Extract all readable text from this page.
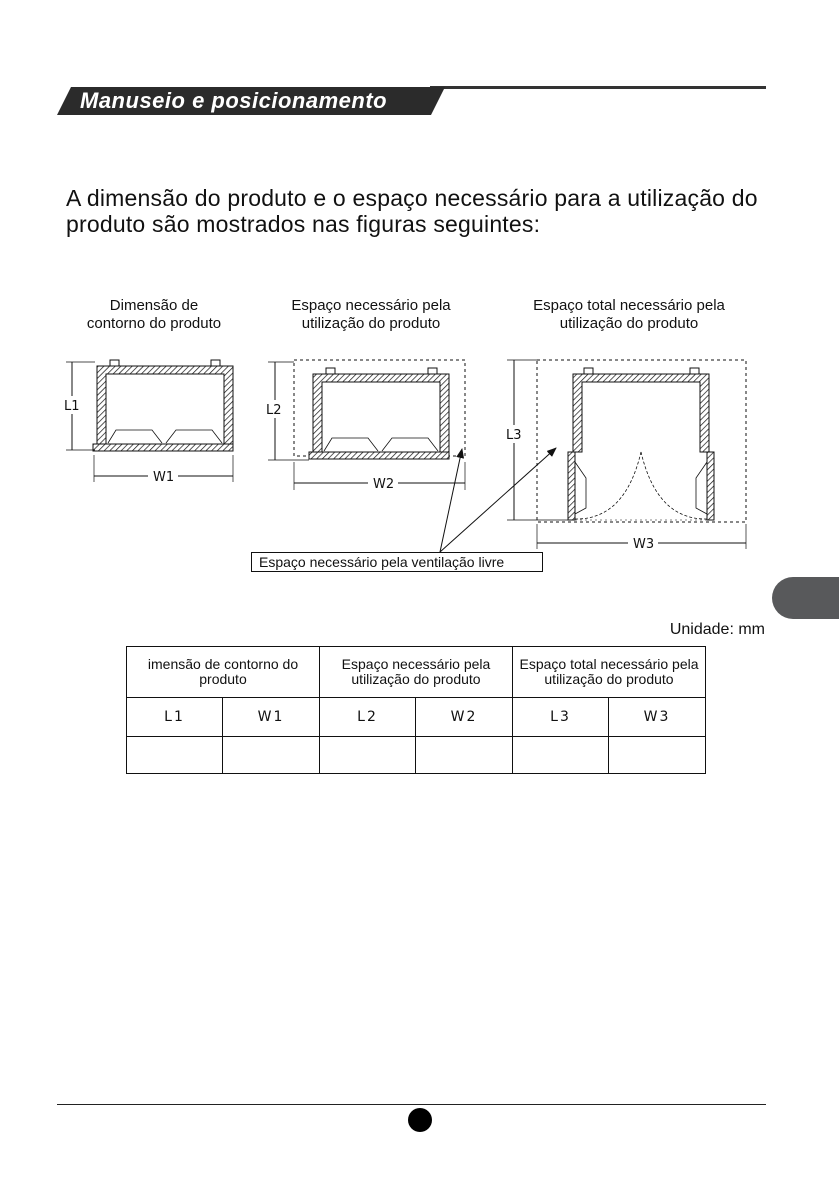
Manuseio e posicionamento
A dimensão do produto e o espaço necessário para a utilização do produto são mostrados nas figuras seguintes:
Dimensão de
contorno do produto
Espaço necessário pela
utilização do produto
Espaço total necessário pela
utilização do produto
L1
W1
L2
W2
L3
W3
Espaço necessário pela ventilação livre
Unidade: mm
imensão de contorno do produto		Espaço necessário pela utilização do produto		Espaço total necessário pela utilização do produto	
L1	W1	L2	W2	L3	W3
